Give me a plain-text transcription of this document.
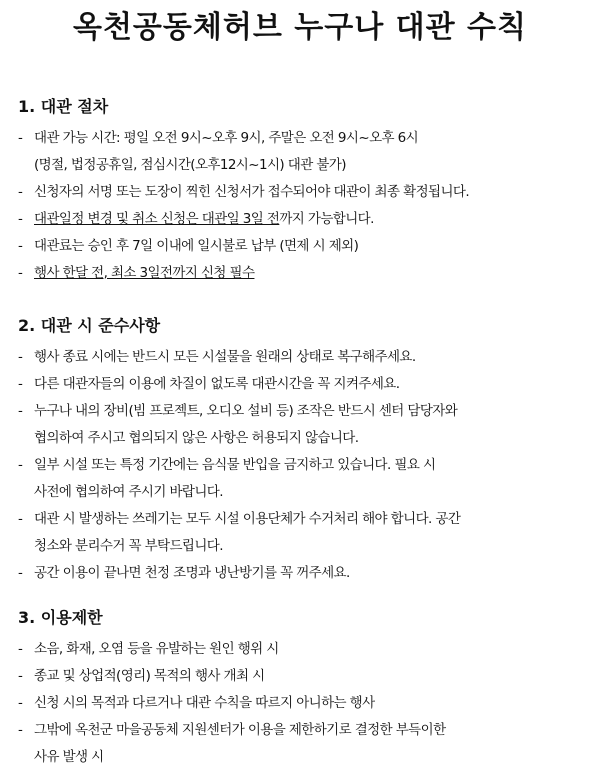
옥천공동체허브 누구나 대관 수칙
1. 대관 절차
- 대관 가능 시간: 평일 오전 9시~오후 9시, 주말은 오전 9시~오후 6시
(명절, 법정공휴일, 점심시간(오후12시~1시) 대관 불가)
- 신청자의 서명 또는 도장이 찍힌 신청서가 접수되어야 대관이 최종 확정됩니다.
- 대관일정 변경 및 취소 신청은 대관일 3일 전까지 가능합니다.
- 대관료는 승인 후 7일 이내에 일시불로 납부 (면제 시 제외)
- 행사 한달 전, 최소 3일전까지 신청 필수
2. 대관 시 준수사항
- 행사 종료 시에는 반드시 모든 시설물을 원래의 상태로 복구해주세요.
- 다른 대관자들의 이용에 차질이 없도록 대관시간을 꼭 지켜주세요.
- 누구나 내의 장비(빔 프로젝트, 오디오 설비 등) 조작은 반드시 센터 담당자와
협의하여 주시고 협의되지 않은 사항은 허용되지 않습니다.
- 일부 시설 또는 특정 기간에는 음식물 반입을 금지하고 있습니다. 필요 시
사전에 협의하여 주시기 바랍니다.
- 대관 시 발생하는 쓰레기는 모두 시설 이용단체가 수거처리 해야 합니다. 공간
청소와 분리수거 꼭 부탁드립니다.
- 공간 이용이 끝나면 천정 조명과 냉난방기를 꼭 꺼주세요.
3. 이용제한
- 소음, 화재, 오염 등을 유발하는 원인 행위 시
- 종교 및 상업적(영리) 목적의 행사 개최 시
- 신청 시의 목적과 다르거나 대관 수칙을 따르지 아니하는 행사
- 그밖에 옥천군 마을공동체 지원센터가 이용을 제한하기로 결정한 부득이한
사유 발생 시
